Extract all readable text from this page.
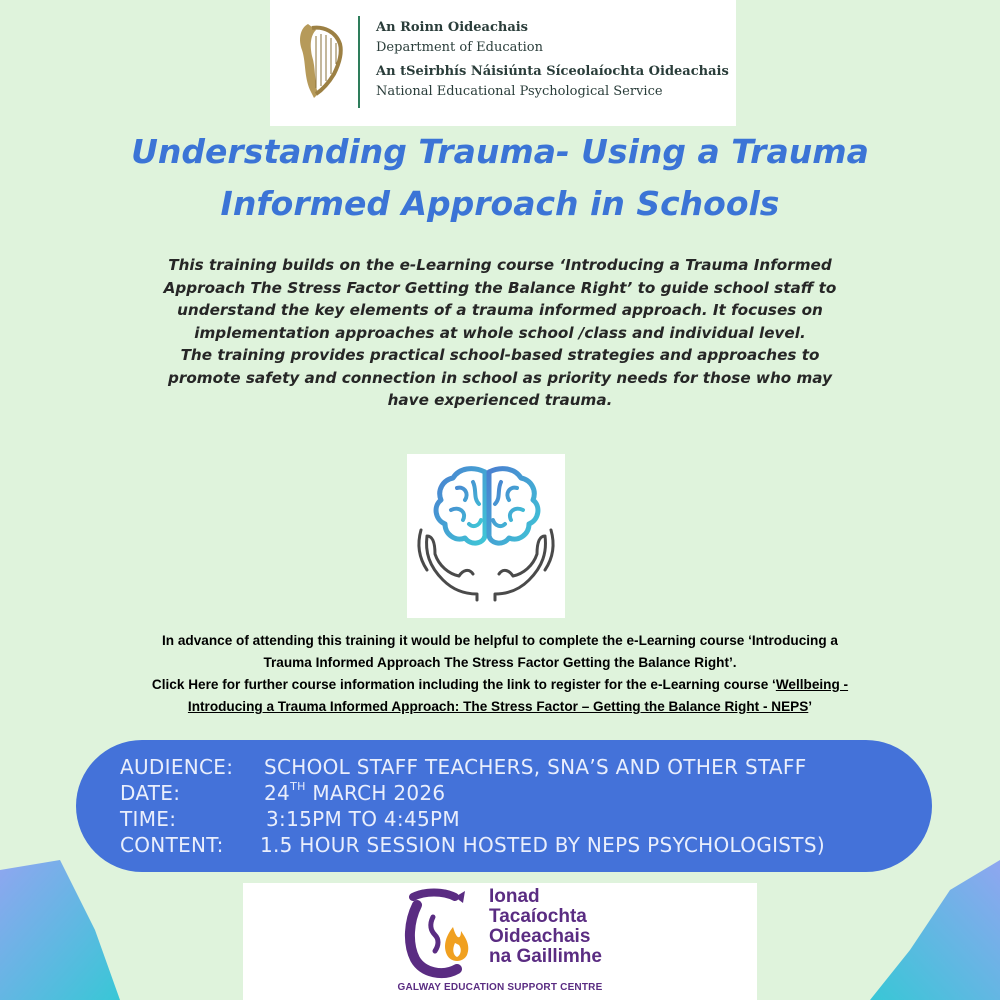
An Roinn Oideachais
Department of Education
An tSeirbhís Náisiúnta Síceolaíochta Oideachais
National Educational Psychological Service
Understanding Trauma- Using a Trauma
Informed Approach in Schools
This training builds on the e-Learning course ‘Introducing a Trauma Informed
Approach The Stress Factor Getting the Balance Right’ to guide school staff to
understand the key elements of a trauma informed approach. It focuses on
implementation approaches at whole school /class and individual level.
The training provides practical school-based strategies and approaches to
promote safety and connection in school as priority needs for those who may
have experienced trauma.
In advance of attending this training it would be helpful to complete the e-Learning course ‘Introducing a
Trauma Informed Approach The Stress Factor Getting the Balance Right’.
Click Here for further course information including the link to register for the e-Learning course ‘Wellbeing -
Introducing a Trauma Informed Approach: The Stress Factor – Getting the Balance Right - NEPS’
AUDIENCE: SCHOOL STAFF TEACHERS, SNA’S AND OTHER STAFF
DATE:	24TH MARCH 2026
TIME:	3:15PM TO 4:45PM
CONTENT: 1.5 HOUR SESSION HOSTED BY NEPS PSYCHOLOGISTS)
Ionad
Tacaíochta
Oideachais
na Gaillimhe
GALWAY EDUCATION SUPPORT CENTRE
